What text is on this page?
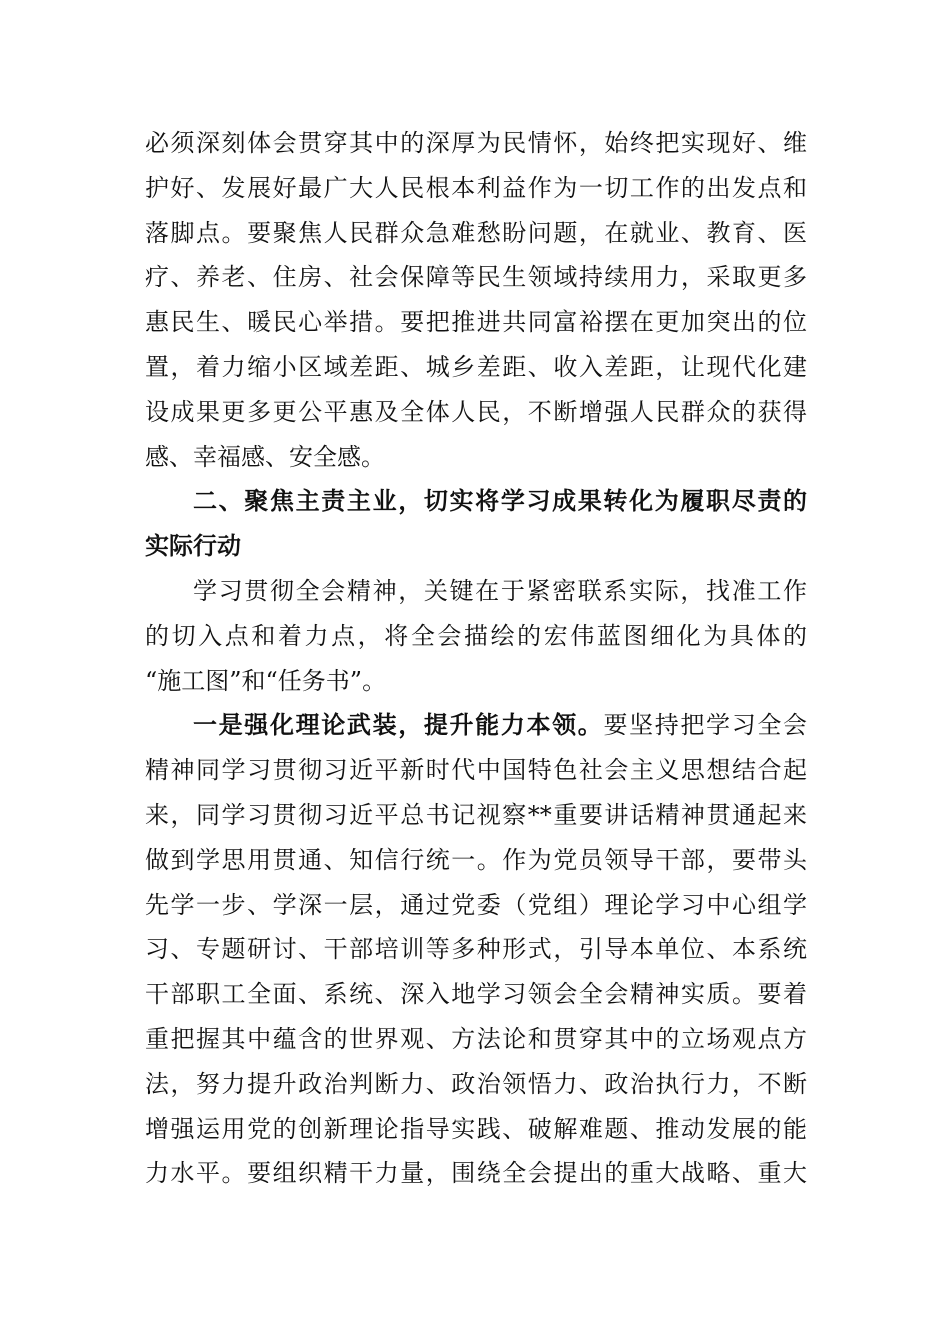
必须深刻体会贯穿其中的深厚为民情怀，始终把实现好、维
护好、发展好最广大人民根本利益作为一切工作的出发点和
落脚点。要聚焦人民群众急难愁盼问题，在就业、教育、医
疗、养老、住房、社会保障等民生领域持续用力，采取更多
惠民生、暖民心举措。要把推进共同富裕摆在更加突出的位
置，着力缩小区域差距、城乡差距、收入差距，让现代化建
设成果更多更公平惠及全体人民，不断增强人民群众的获得
感、幸福感、安全感。
二、聚焦主责主业，切实将学习成果转化为履职尽责的
实际行动
学习贯彻全会精神，关键在于紧密联系实际，找准工作
的切入点和着力点，将全会描绘的宏伟蓝图细化为具体的
“施工图”和“任务书”。
一是强化理论武装，提升能力本领。要坚持把学习全会
精神同学习贯彻习近平新时代中国特色社会主义思想结合起
来，同学习贯彻习近平总书记视察**重要讲话精神贯通起来
做到学思用贯通、知信行统一。作为党员领导干部，要带头
先学一步、学深一层，通过党委（党组）理论学习中心组学
习、专题研讨、干部培训等多种形式，引导本单位、本系统
干部职工全面、系统、深入地学习领会全会精神实质。要着
重把握其中蕴含的世界观、方法论和贯穿其中的立场观点方
法，努力提升政治判断力、政治领悟力、政治执行力，不断
增强运用党的创新理论指导实践、破解难题、推动发展的能
力水平。要组织精干力量，围绕全会提出的重大战略、重大
